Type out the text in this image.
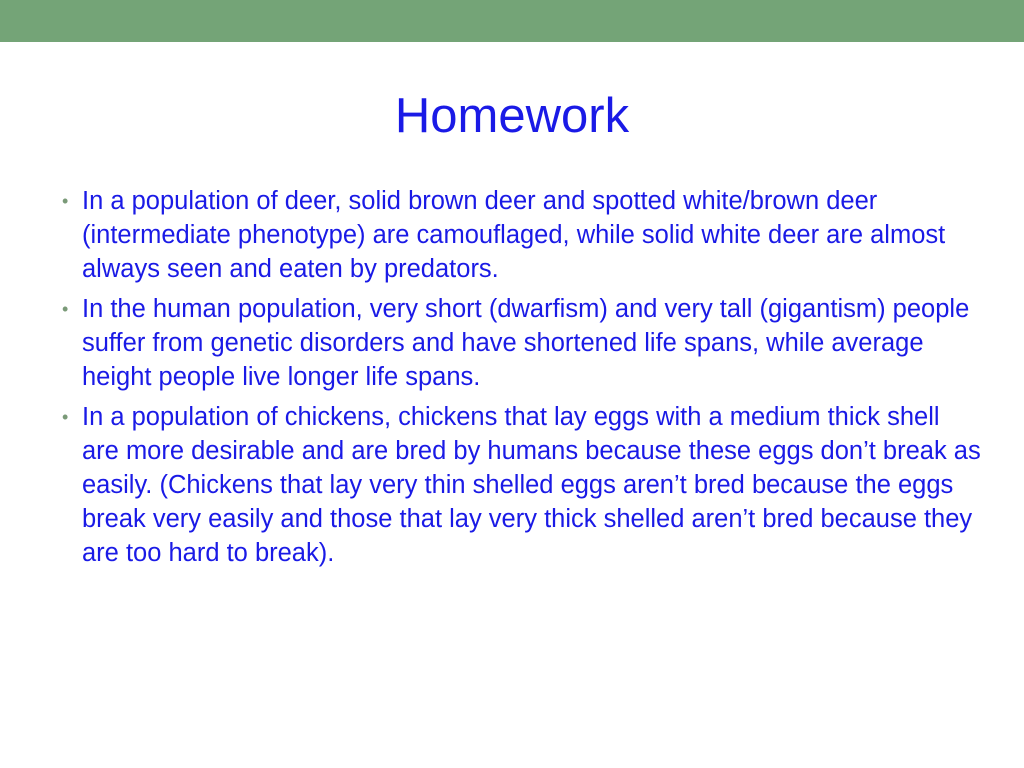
Homework
• In a population of deer, solid brown deer and spotted white/brown deer (intermediate phenotype) are camouflaged, while solid white deer are almost always seen and eaten by predators.
• In the human population, very short (dwarfism) and very tall (gigantism) people suffer from genetic disorders and have shortened life spans, while average height people live longer life spans.
• In a population of chickens, chickens that lay eggs with a medium thick shell are more desirable and are bred by humans because these eggs don’t break as easily. (Chickens that lay very thin shelled eggs aren’t bred because the eggs break very easily and those that lay very thick shelled aren’t bred because they are too hard to break).
